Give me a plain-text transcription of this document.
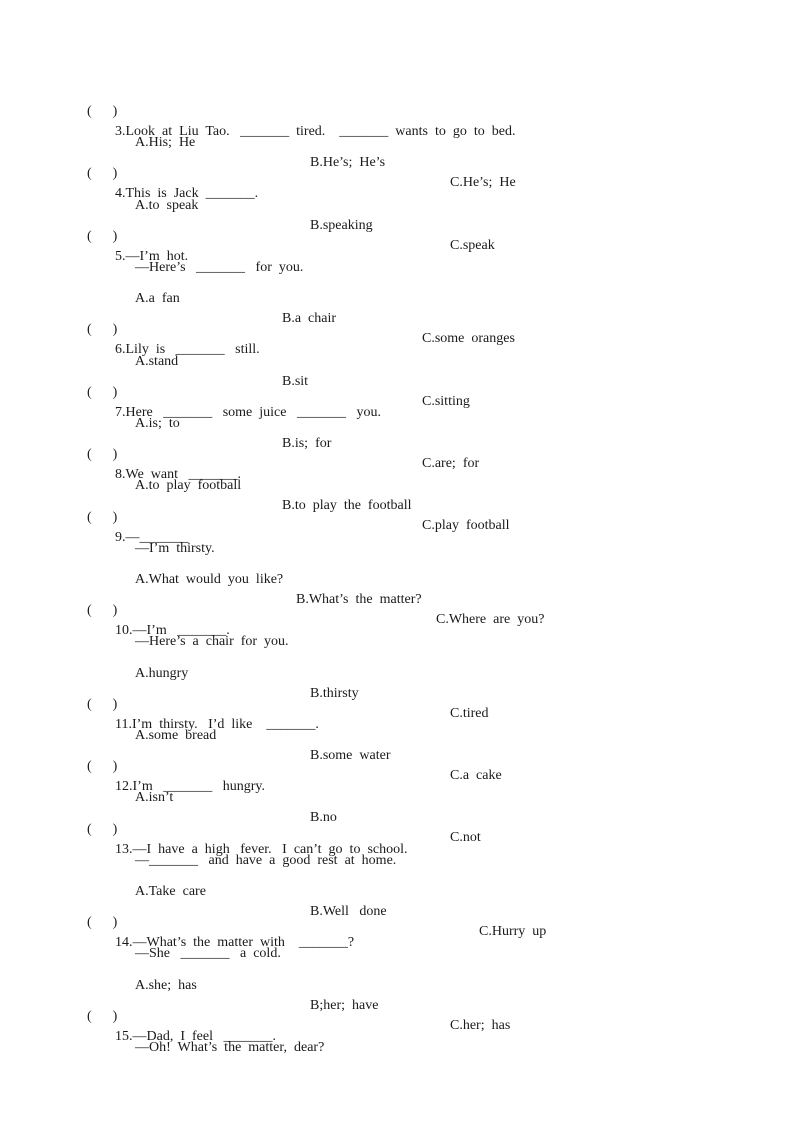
(      )

3.Look  at  Liu  Tao.   _______  tired.    _______  wants  to  go  to  bed.

A.His;  He

B.He’s;  He’s

C.He’s;  He

(      )

4.This  is  Jack  _______.

A.to  speak

B.speaking

C.speak

(      )

5.—I’m  hot.

—Here’s   _______   for  you.

A.a  fan

B.a  chair

C.some  oranges

(      )

6.Lily  is   _______   still.

A.stand

B.sit

C.sitting

(      )

7.Here   _______   some  juice   _______   you.

A.is;  to

B.is;  for

C.are;  for

(      )

8.We  want   _______.

A.to  play  football

B.to  play  the  football

C.play  football

(      )

9.—_______

—I’m  thirsty.

A.What  would  you  like?

B.What’s  the  matter?

C.Where  are  you?

(      )

10.—I’m   _______.

—Here’s  a  chair  for  you.

A.hungry

B.thirsty

C.tired

(      )

11.I’m  thirsty.   I’d  like    _______.

A.some  bread

B.some  water

C.a  cake

(      )

12.I’m   _______   hungry.

A.isn’t

B.no

C.not

(      )

13.—I  have  a  high   fever.   I  can’t  go  to  school.

—_______   and  have  a  good  rest  at  home.

A.Take  care

B.Well   done

C.Hurry  up

(      )

14.—What’s  the  matter  with    _______?

—She   _______   a  cold.

A.she;  has

B;her;  have

C.her;  has

(      )

15.—Dad,  I  feel   _______.

—Oh!  What’s  the  matter,  dear?
